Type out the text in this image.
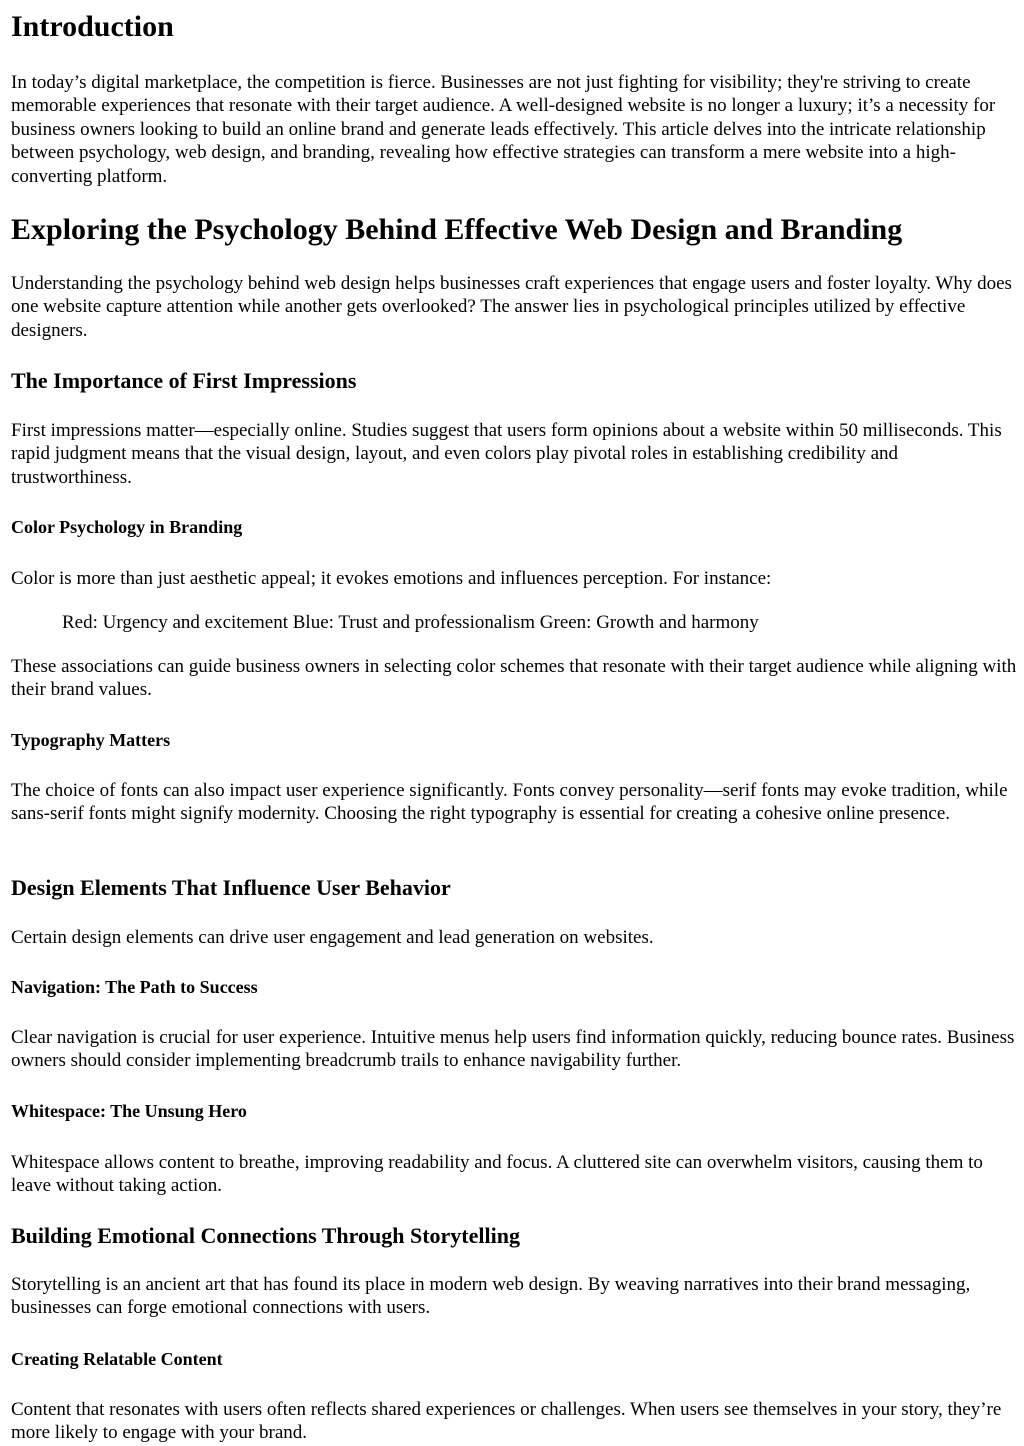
Introduction

In today’s digital marketplace, the competition is fierce. Businesses are not just fighting for visibility; they're striving to create memorable experiences that resonate with their target audience. A well-designed website is no longer a luxury; it’s a necessity for business owners looking to build an online brand and generate leads effectively. This article delves into the intricate relationship between psychology, web design, and branding, revealing how effective strategies can transform a mere website into a high-converting platform.

Exploring the Psychology Behind Effective Web Design and Branding

Understanding the psychology behind web design helps businesses craft experiences that engage users and foster loyalty. Why does one website capture attention while another gets overlooked? The answer lies in psychological principles utilized by effective designers.

The Importance of First Impressions

First impressions matter—especially online. Studies suggest that users form opinions about a website within 50 milliseconds. This rapid judgment means that the visual design, layout, and even colors play pivotal roles in establishing credibility and trustworthiness.

Color Psychology in Branding

Color is more than just aesthetic appeal; it evokes emotions and influences perception. For instance:

Red: Urgency and excitement Blue: Trust and professionalism Green: Growth and harmony

These associations can guide business owners in selecting color schemes that resonate with their target audience while aligning with their brand values.

Typography Matters

The choice of fonts can also impact user experience significantly. Fonts convey personality—serif fonts may evoke tradition, while sans-serif fonts might signify modernity. Choosing the right typography is essential for creating a cohesive online presence.

Design Elements That Influence User Behavior

Certain design elements can drive user engagement and lead generation on websites.

Navigation: The Path to Success

Clear navigation is crucial for user experience. Intuitive menus help users find information quickly, reducing bounce rates. Business owners should consider implementing breadcrumb trails to enhance navigability further.

Whitespace: The Unsung Hero

Whitespace allows content to breathe, improving readability and focus. A cluttered site can overwhelm visitors, causing them to leave without taking action.

Building Emotional Connections Through Storytelling

Storytelling is an ancient art that has found its place in modern web design. By weaving narratives into their brand messaging, businesses can forge emotional connections with users.

Creating Relatable Content

Content that resonates with users often reflects shared experiences or challenges. When users see themselves in your story, they’re more likely to engage with your brand.
